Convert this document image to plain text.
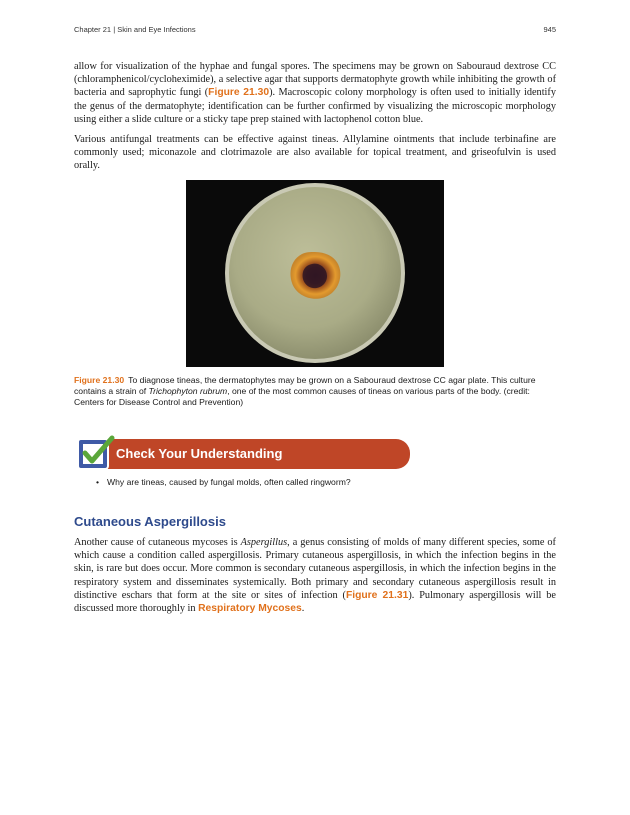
Chapter 21 | Skin and Eye Infections	945

allow for visualization of the hyphae and fungal spores. The specimens may be grown on Sabouraud dextrose CC (chloramphenicol/cycloheximide), a selective agar that supports dermatophyte growth while inhibiting the growth of bacteria and saprophytic fungi (Figure 21.30). Macroscopic colony morphology is often used to initially identify the genus of the dermatophyte; identification can be further confirmed by visualizing the microscopic morphology using either a slide culture or a sticky tape prep stained with lactophenol cotton blue.

Various antifungal treatments can be effective against tineas. Allylamine ointments that include terbinafine are commonly used; miconazole and clotrimazole are also available for topical treatment, and griseofulvin is used orally.

Figure 21.30 To diagnose tineas, the dermatophytes may be grown on a Sabouraud dextrose CC agar plate. This culture contains a strain of Trichophyton rubrum, one of the most common causes of tineas on various parts of the body. (credit: Centers for Disease Control and Prevention)

Check Your Understanding
• Why are tineas, caused by fungal molds, often called ringworm?
Cutaneous Aspergillosis

Another cause of cutaneous mycoses is Aspergillus, a genus consisting of molds of many different species, some of which cause a condition called aspergillosis. Primary cutaneous aspergillosis, in which the infection begins in the skin, is rare but does occur. More common is secondary cutaneous aspergillosis, in which the infection begins in the respiratory system and disseminates systemically. Both primary and secondary cutaneous aspergillosis result in distinctive eschars that form at the site or sites of infection (Figure 21.31). Pulmonary aspergillosis will be discussed more thoroughly in Respiratory Mycoses.
